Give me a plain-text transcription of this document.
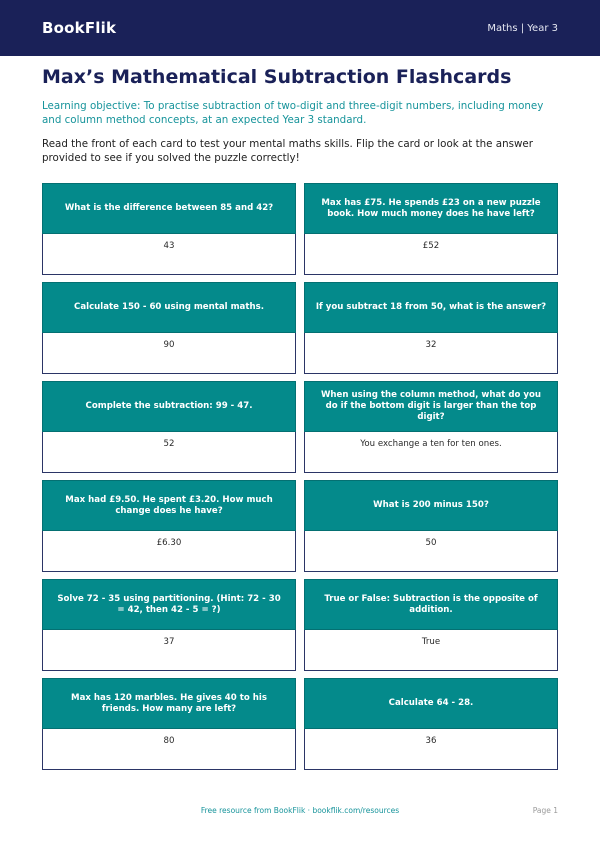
BookFlik	Maths | Year 3
Max’s Mathematical Subtraction Flashcards

Learning objective: To practise subtraction of two-digit and three-digit numbers, including money and column method concepts, at an expected Year 3 standard.

Read the front of each card to test your mental maths skills. Flip the card or look at the answer provided to see if you solved the puzzle correctly!

What is the difference between 85 and 42?
43
Max has £75. He spends £23 on a new puzzle book. How much money does he have left?
£52
Calculate 150 - 60 using mental maths.
90
If you subtract 18 from 50, what is the answer?
32
Complete the subtraction: 99 - 47.
52
When using the column method, what do you do if the bottom digit is larger than the top digit?
You exchange a ten for ten ones.
Max had £9.50. He spent £3.20. How much change does he have?
£6.30
What is 200 minus 150?
50
Solve 72 - 35 using partitioning. (Hint: 72 - 30 = 42, then 42 - 5 = ?)
37
True or False: Subtraction is the opposite of addition.
True
Max has 120 marbles. He gives 40 to his friends. How many are left?
80
Calculate 64 - 28.
36
Free resource from BookFlik · bookflik.com/resources	Page 1
